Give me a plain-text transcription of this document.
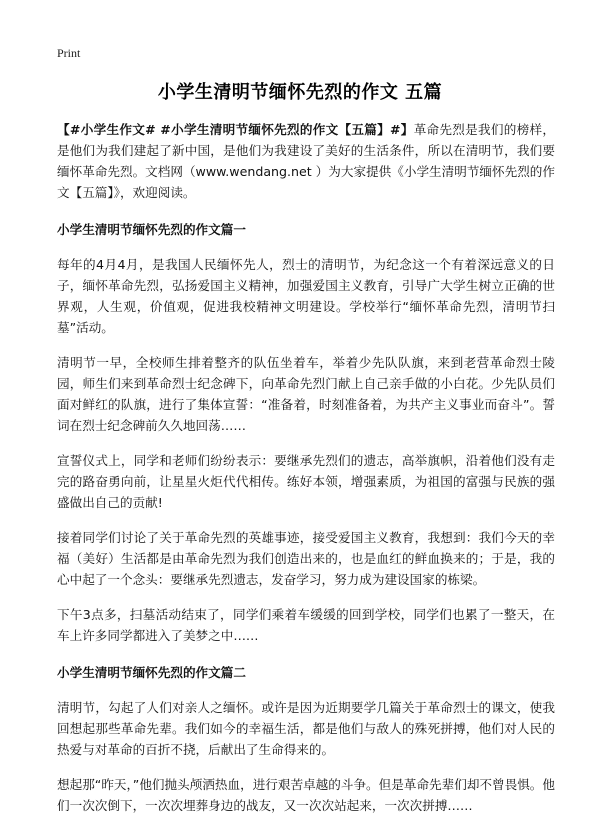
Print
小学生清明节缅怀先烈的作文 五篇

【#小学生作文# #小学生清明节缅怀先烈的作文【五篇】#】革命先烈是我们的榜样，是他们为我们建起了新中国，是他们为我建设了美好的生活条件，所以在清明节，我们要缅怀革命先烈。文档网（www.wendang.net ）为大家提供《小学生清明节缅怀先烈的作文【五篇】》，欢迎阅读。

小学生清明节缅怀先烈的作文篇一

每年的4月4月，是我国人民缅怀先人，烈士的清明节，为纪念这一个有着深远意义的日子，缅怀革命先烈，弘扬爱国主义精神，加强爱国主义教育，引导广大学生树立正确的世界观，人生观，价值观，促进我校精神文明建设。学校举行“缅怀革命先烈，清明节扫墓”活动。

清明节一早，全校师生排着整齐的队伍坐着车，举着少先队队旗，来到老营革命烈士陵园，师生们来到革命烈士纪念碑下，向革命先烈门献上自己亲手做的小白花。少先队员们面对鲜红的队旗，进行了集体宣誓：“准备着，时刻准备着，为共产主义事业而奋斗”。誓词在烈士纪念碑前久久地回荡……

宣誓仪式上，同学和老师们纷纷表示：要继承先烈们的遗志，高举旗帜，沿着他们没有走完的路奋勇向前，让星星火炬代代相传。练好本领，增强素质，为祖国的富强与民族的强盛做出自己的贡献!

接着同学们讨论了关于革命先烈的英雄事迹，接受爱国主义教育，我想到：我们今天的幸福（美好）生活都是由革命先烈为我们创造出来的，也是血红的鲜血换来的；于是，我的心中起了一个念头：要继承先烈遗志，发奋学习，努力成为建设国家的栋梁。

下午3点多，扫墓活动结束了，同学们乘着车缓缓的回到学校，同学们也累了一整天，在车上许多同学都进入了美梦之中……

小学生清明节缅怀先烈的作文篇二

清明节，勾起了人们对亲人之缅怀。或许是因为近期要学几篇关于革命烈士的课文，使我回想起那些革命先辈。我们如今的幸福生活，都是他们与敌人的殊死拼搏，他们对人民的热爱与对革命的百折不挠，后献出了生命得来的。

想起那“昨天，”他们抛头颅洒热血，进行艰苦卓越的斗争。但是革命先辈们却不曾畏惧。他们一次次倒下，一次次埋葬身边的战友，又一次次站起来，一次次拼搏……
